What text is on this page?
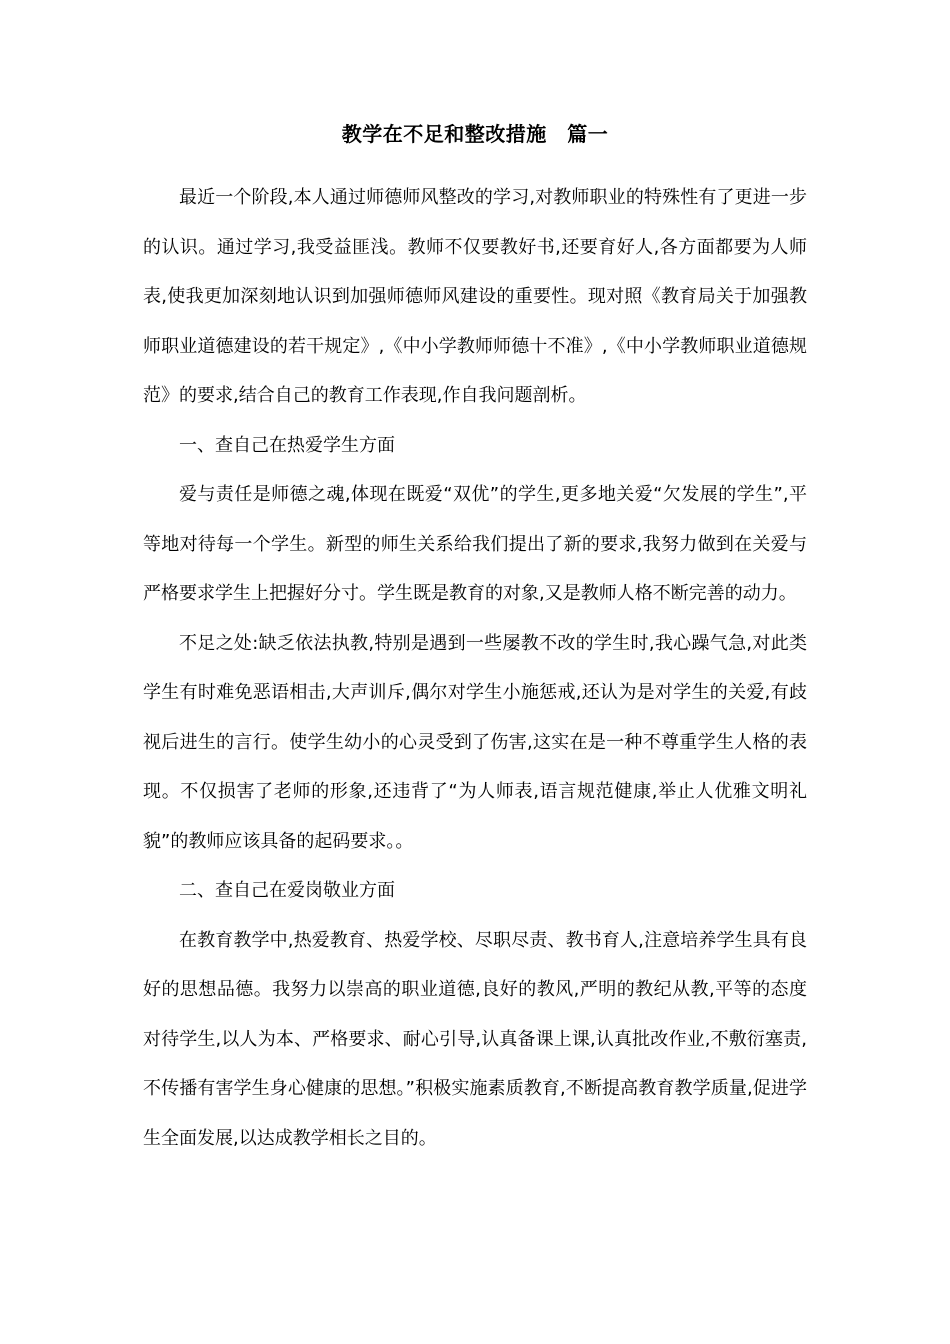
教学在不足和整改措施　篇一

最近一个阶段,本人通过师德师风整改的学习,对教师职业的特殊性有了更进一步的认识。通过学习,我受益匪浅。教师不仅要教好书,还要育好人,各方面都要为人师表,使我更加深刻地认识到加强师德师风建设的重要性。现对照《教育局关于加强教师职业道德建设的若干规定》,《中小学教师师德十不准》,《中小学教师职业道德规范》的要求,结合自己的教育工作表现,作自我问题剖析。

一、查自己在热爱学生方面

爱与责任是师德之魂,体现在既爱“双优”的学生,更多地关爱“欠发展的学生”,平等地对待每一个学生。新型的师生关系给我们提出了新的要求,我努力做到在关爱与严格要求学生上把握好分寸。学生既是教育的对象,又是教师人格不断完善的动力。

不足之处:缺乏依法执教,特别是遇到一些屡教不改的学生时,我心躁气急,对此类学生有时难免恶语相击,大声训斥,偶尔对学生小施惩戒,还认为是对学生的关爱,有歧视后进生的言行。使学生幼小的心灵受到了伤害,这实在是一种不尊重学生人格的表现。不仅损害了老师的形象,还违背了“为人师表,语言规范健康,举止人优雅文明礼貌”的教师应该具备的起码要求。。

二、查自己在爱岗敬业方面

在教育教学中,热爱教育、热爱学校、尽职尽责、教书育人,注意培养学生具有良好的思想品德。我努力以崇高的职业道德,良好的教风,严明的教纪从教,平等的态度对待学生,以人为本、严格要求、耐心引导,认真备课上课,认真批改作业,不敷衍塞责,不传播有害学生身心健康的思想。”积极实施素质教育,不断提高教育教学质量,促进学生全面发展,以达成教学相长之目的。
